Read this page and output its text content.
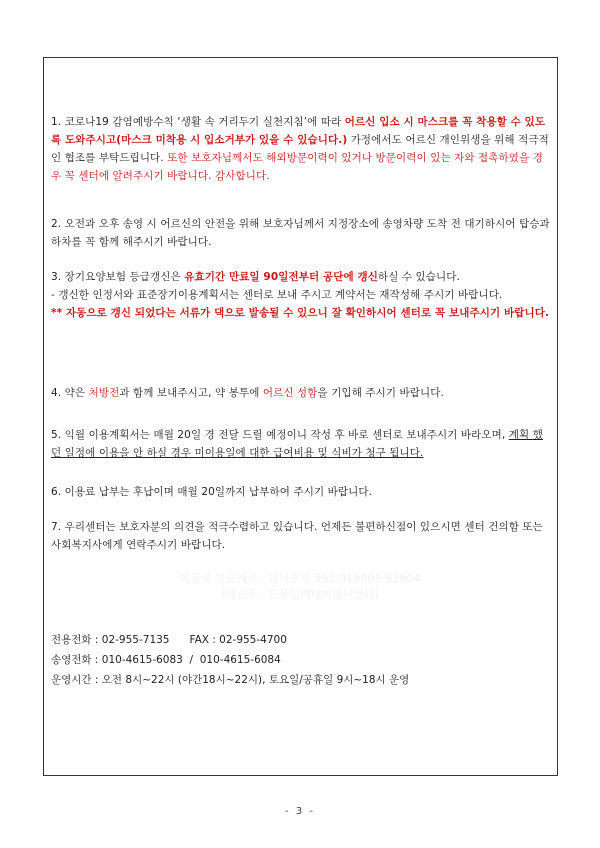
1. 코로나19 감염예방수칙 ‘생활 속 거리두기 실천지침’에 따라 어르신 입소 시 마스크를 꼭 착용할 수 있도록 도와주시고(마스크 미착용 시 입소거부가 있을 수 있습니다.) 가정에서도 어르신 개인위생을 위해 적극적인 협조를 부탁드립니다. 또한 보호자님께서도 해외방문이력이 있거나 방문이력이 있는 자와 접촉하였을 경우 꼭 센터에 알려주시기 바랍니다. 감사합니다.

2. 오전과 오후 송영 시 어르신의 안전을 위해 보호자님께서 지정장소에 송영차량 도착 전 대기하시어 탑승과 하차를 꼭 함께 해주시기 바랍니다.

3. 장기요양보험 등급갱신은 유효기간 만료일 90일전부터 공단에 갱신하실 수 있습니다.

- 갱신한 인정서와 표준장기이용계획서는 센터로 보내 주시고 계약서는 재작성해 주시기 바랍니다.

** 자동으로 갱신 되었다는 서류가 댁으로 발송될 수 있으니 잘 확인하시어 센터로 꼭 보내주시기 바랍니다.

4. 약은 처방전과 함께 보내주시고, 약 봉투에 어르신 성함을 기입해 주시기 바랍니다.

5. 익월 이용계획서는 매월 20일 경 전달 드릴 예정이니 작성 후 바로 센터로 보내주시기 바라오며, 계획 했던 일정에 이용을 안 하실 경우 미이용일에 대한 급여비용 및 식비가 청구 됩니다.

6. 이용료 납부는 후납이며 매월 20일까지 납부하여 주시기 바랍니다.

7. 우리센터는 보호자분의 의견을 적극수렴하고 있습니다. 언제든 불편하신점이 있으시면 센터 건의함 또는 사회복지사에게 연락주시기 바랍니다.

이용료 입금계좌 : 하나은행 592-910001-63804
(예금주 : 드봉실버데이케어센터)
전용전화 : 02-955-7135      FAX : 02-955-4700
송영전화 : 010-4615-6083  /  010-4615-6084
운영시간 : 오전 8시~22시 (야간18시~22시), 토요일/공휴일 9시~18시 운영
- 3 -
